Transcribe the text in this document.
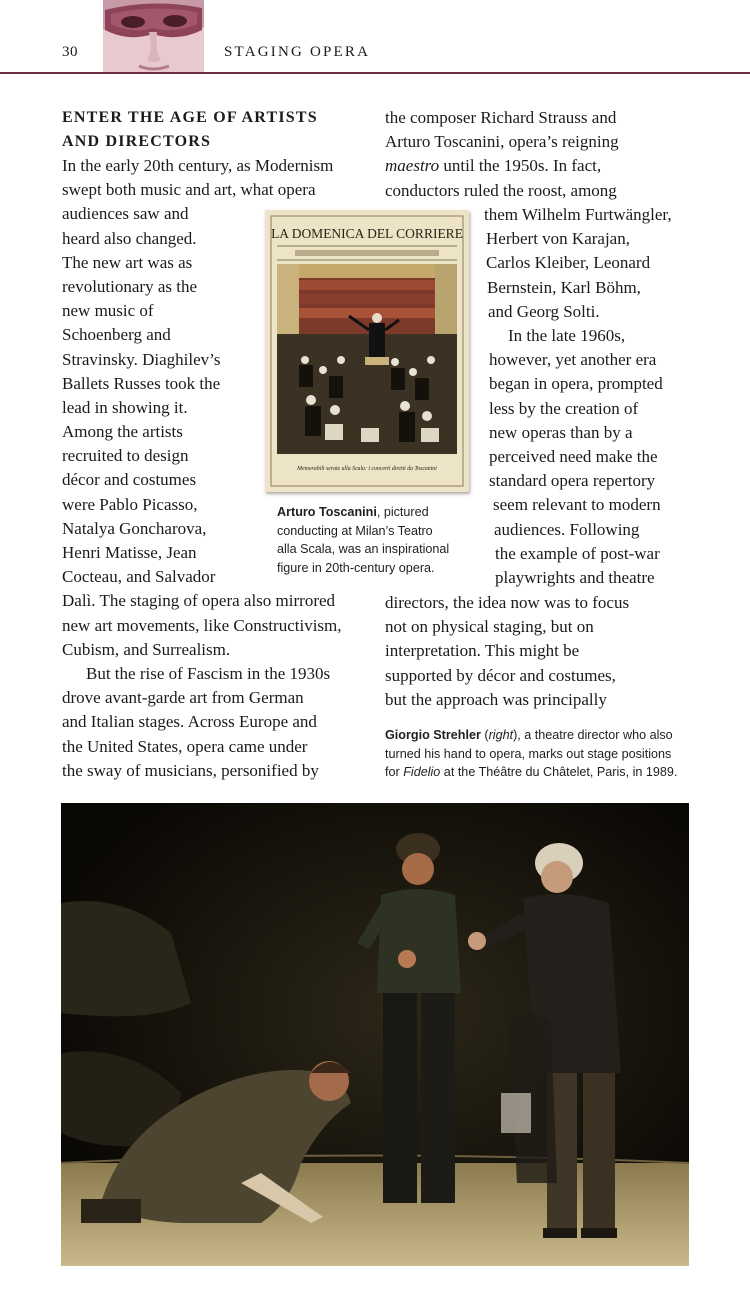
30	STAGING OPERA
ENTER THE AGE OF ARTISTS
AND DIRECTORS
In the early 20th century, as Modernism
swept both music and art, what opera
audiences saw and
heard also changed.
The new art was as
revolutionary as the
new music of
Schoenberg and
Stravinsky. Diaghilev’s
Ballets Russes took the
lead in showing it.
Among the artists
recruited to design
décor and costumes
were Pablo Picasso,
Natalya Goncharova,
Henri Matisse, Jean
Cocteau, and Salvador
Dalì. The staging of opera also mirrored
new art movements, like Constructivism,
Cubism, and Surrealism.
But the rise of Fascism in the 1930s
drove avant-garde art from German
and Italian stages. Across Europe and
the United States, opera came under
the sway of musicians, personified by
the composer Richard Strauss and
Arturo Toscanini, opera’s reigning
maestro until the 1950s. In fact,
conductors ruled the roost, among
them Wilhelm Furtwängler,
Herbert von Karajan,
Carlos Kleiber, Leonard
Bernstein, Karl Böhm,
and Georg Solti.
In the late 1960s,
however, yet another era
began in opera, prompted
less by the creation of
new operas than by a
perceived need make the
standard opera repertory
seem relevant to modern
audiences. Following
the example of post-war
playwrights and theatre
directors, the idea now was to focus
not on physical staging, but on
interpretation. This might be
supported by décor and costumes,
but the approach was principally
LA DOMENICA DEL CORRIERE
Memorabili serate alla Scala: i concerti diretti da Toscanini
Arturo Toscanini, pictured
conducting at Milan’s Teatro
alla Scala, was an inspirational
figure in 20th-century opera.
Giorgio Strehler (right), a theatre director who also
turned his hand to opera, marks out stage positions
for Fidelio at the Théâtre du Châtelet, Paris, in 1989.
